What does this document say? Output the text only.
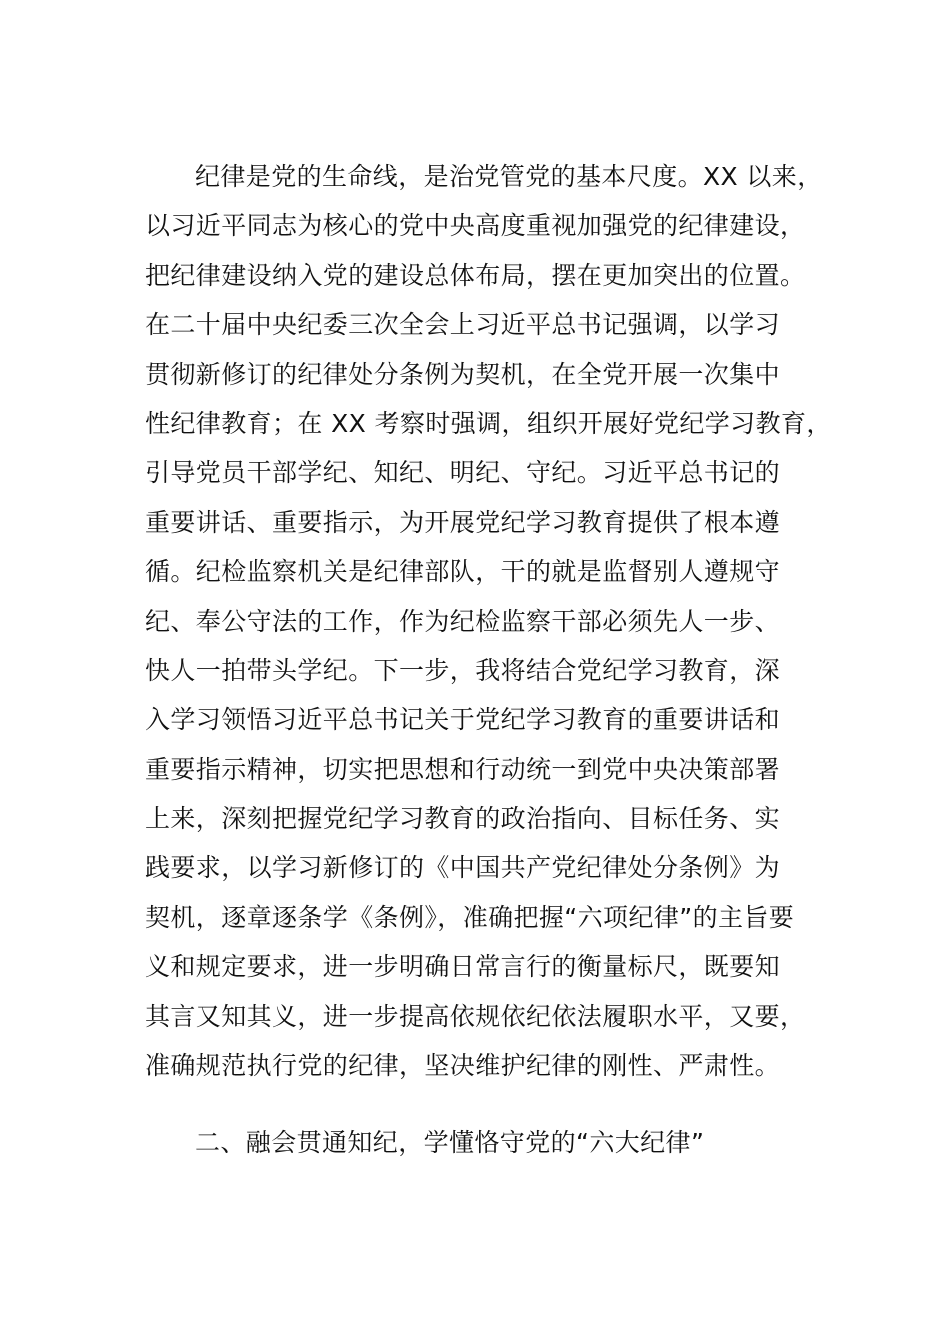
纪律是党的生命线，是治党管党的基本尺度。XX 以来，
以习近平同志为核心的党中央高度重视加强党的纪律建设，
把纪律建设纳入党的建设总体布局，摆在更加突出的位置。
在二十届中央纪委三次全会上习近平总书记强调，以学习
贯彻新修订的纪律处分条例为契机，在全党开展一次集中
性纪律教育；在 XX 考察时强调，组织开展好党纪学习教育，
引导党员干部学纪、知纪、明纪、守纪。习近平总书记的
重要讲话、重要指示，为开展党纪学习教育提供了根本遵
循。纪检监察机关是纪律部队，干的就是监督别人遵规守
纪、奉公守法的工作，作为纪检监察干部必须先人一步、
快人一拍带头学纪。下一步，我将结合党纪学习教育，深
入学习领悟习近平总书记关于党纪学习教育的重要讲话和
重要指示精神，切实把思想和行动统一到党中央决策部署
上来，深刻把握党纪学习教育的政治指向、目标任务、实
践要求，以学习新修订的《中国共产党纪律处分条例》为
契机，逐章逐条学《条例》，准确把握“六项纪律”的主旨要
义和规定要求，进一步明确日常言行的衡量标尺，既要知
其言又知其义，进一步提高依规依纪依法履职水平，又要，
准确规范执行党的纪律，坚决维护纪律的刚性、严肃性。
二、融会贯通知纪，学懂恪守党的“六大纪律”
